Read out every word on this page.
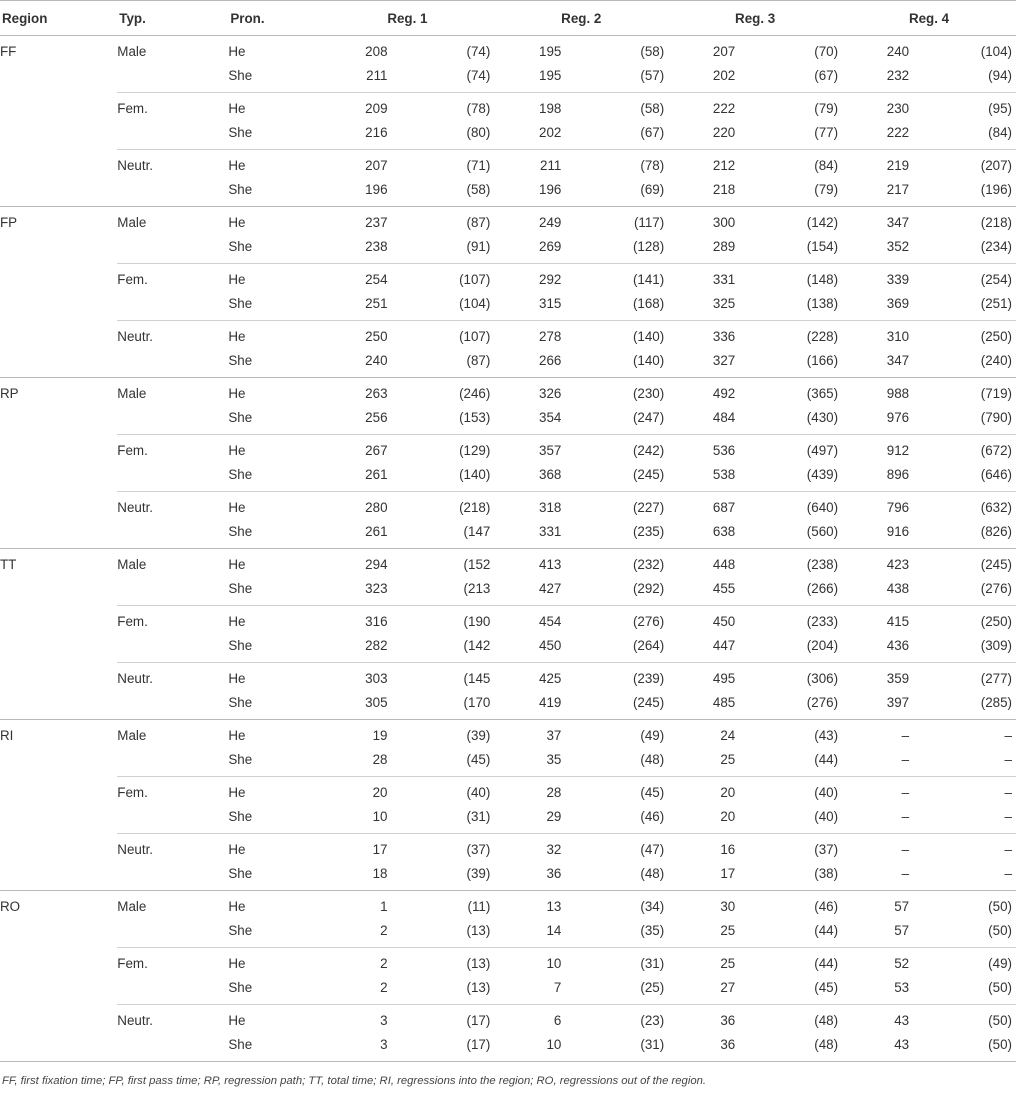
Region	Typ.	Pron.	Reg. 1		Reg. 2		Reg. 3		Reg. 4	
FF	Male	He	208	(74)	195	(58)	207	(70)	240	(104)
		She	211	(74)	195	(57)	202	(67)	232	(94)
	Fem.	He	209	(78)	198	(58)	222	(79)	230	(95)
		She	216	(80)	202	(67)	220	(77)	222	(84)
	Neutr.	He	207	(71)	211	(78)	212	(84)	219	(207)
		She	196	(58)	196	(69)	218	(79)	217	(196)
FP	Male	He	237	(87)	249	(117)	300	(142)	347	(218)
		She	238	(91)	269	(128)	289	(154)	352	(234)
	Fem.	He	254	(107)	292	(141)	331	(148)	339	(254)
		She	251	(104)	315	(168)	325	(138)	369	(251)
	Neutr.	He	250	(107)	278	(140)	336	(228)	310	(250)
		She	240	(87)	266	(140)	327	(166)	347	(240)
RP	Male	He	263	(246)	326	(230)	492	(365)	988	(719)
		She	256	(153)	354	(247)	484	(430)	976	(790)
	Fem.	He	267	(129)	357	(242)	536	(497)	912	(672)
		She	261	(140)	368	(245)	538	(439)	896	(646)
	Neutr.	He	280	(218)	318	(227)	687	(640)	796	(632)
		She	261	(147	331	(235)	638	(560)	916	(826)
TT	Male	He	294	(152	413	(232)	448	(238)	423	(245)
		She	323	(213	427	(292)	455	(266)	438	(276)
	Fem.	He	316	(190	454	(276)	450	(233)	415	(250)
		She	282	(142	450	(264)	447	(204)	436	(309)
	Neutr.	He	303	(145	425	(239)	495	(306)	359	(277)
		She	305	(170	419	(245)	485	(276)	397	(285)
RI	Male	He	19	(39)	37	(49)	24	(43)	–	–
		She	28	(45)	35	(48)	25	(44)	–	–
	Fem.	He	20	(40)	28	(45)	20	(40)	–	–
		She	10	(31)	29	(46)	20	(40)	–	–
	Neutr.	He	17	(37)	32	(47)	16	(37)	–	–
		She	18	(39)	36	(48)	17	(38)	–	–
RO	Male	He	1	(11)	13	(34)	30	(46)	57	(50)
		She	2	(13)	14	(35)	25	(44)	57	(50)
	Fem.	He	2	(13)	10	(31)	25	(44)	52	(49)
		She	2	(13)	7	(25)	27	(45)	53	(50)
	Neutr.	He	3	(17)	6	(23)	36	(48)	43	(50)
		She	3	(17)	10	(31)	36	(48)	43	(50)
FF, first fixation time; FP, first pass time; RP, regression path; TT, total time; RI, regressions into the region; RO, regressions out of the region.
